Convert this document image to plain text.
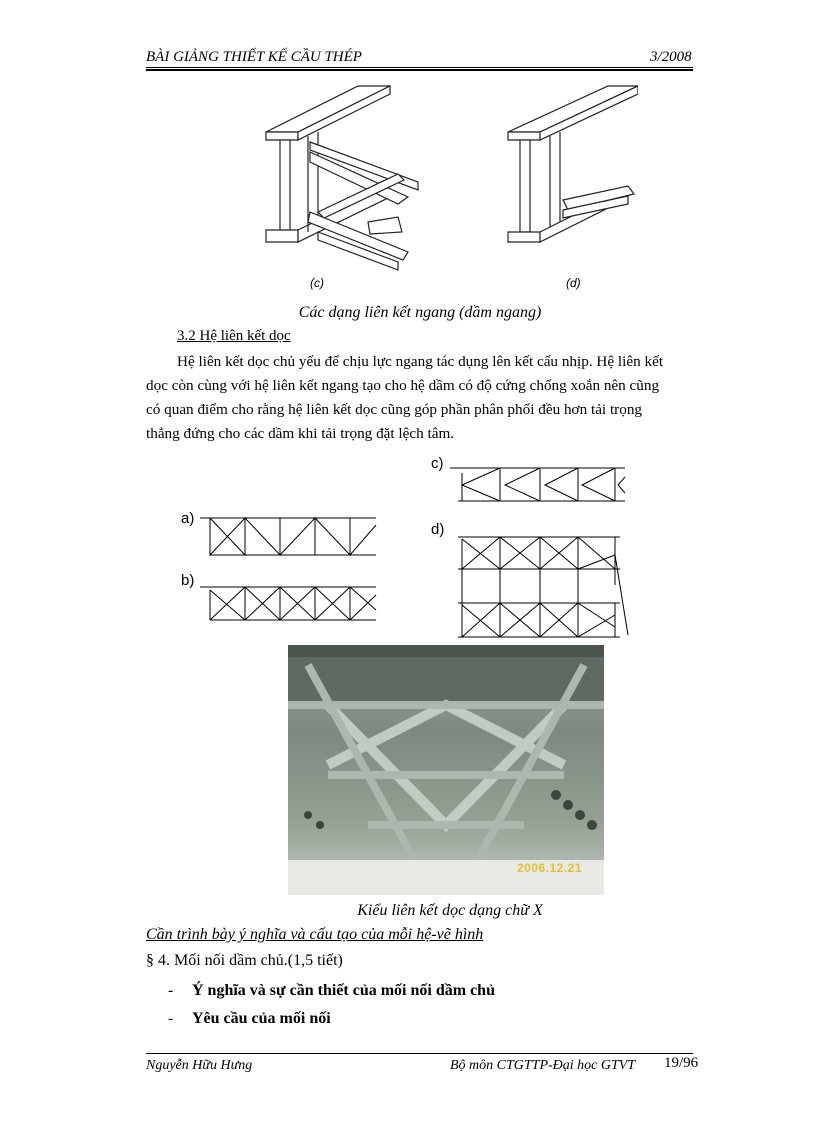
BÀI GIẢNG THIẾT KẾ CẦU THÉP	3/2008
(c)	(d)
Các dạng liên kết ngang (dầm ngang)
3.2 Hệ liên kết dọc
Hệ liên kết dọc chủ yếu để chịu lực ngang tác dụng lên kết cấu nhịp. Hệ liên kết
dọc còn cùng với hệ liên kết ngang tạo cho hệ dầm có độ cứng chống xoắn nên cũng
có quan điểm cho rằng hệ liên kết dọc cũng góp phần phân phối đều hơn tải trọng
thẳng đứng cho các dầm khi tải trọng đặt lệch tâm.
c)
a)
d)
b)
2006.12.21
Kiểu liên kết dọc dạng chữ X
Cần trình bày ý nghĩa và cấu tạo của mỗi hệ-vẽ hình
§ 4. Mối nối dầm chủ.(1,5 tiết)
- Ý nghĩa và sự cần thiết của mối nối dầm chủ
- Yêu cầu của mối nối
Nguyễn Hữu Hưng	Bộ môn CTGTTP-Đại học GTVT 19/96
